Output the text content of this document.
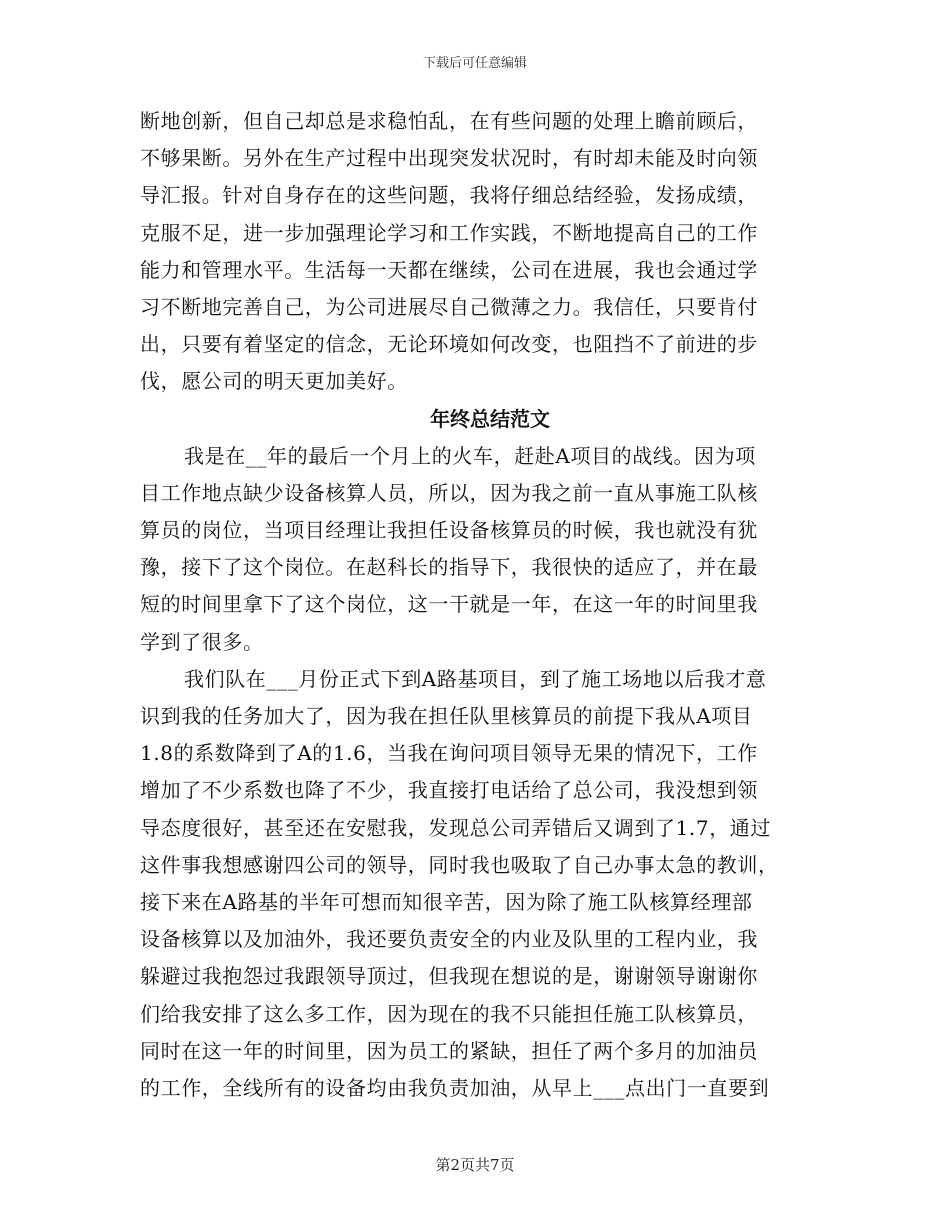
下载后可任意编辑
断地创新，但自己却总是求稳怕乱，在有些问题的处理上瞻前顾后，
不够果断。另外在生产过程中出现突发状况时，有时却未能及时向领
导汇报。针对自身存在的这些问题，我将仔细总结经验，发扬成绩，
克服不足，进一步加强理论学习和工作实践，不断地提高自己的工作
能力和管理水平。生活每一天都在继续，公司在进展，我也会通过学
习不断地完善自己，为公司进展尽自己微薄之力。我信任，只要肯付
出，只要有着坚定的信念，无论环境如何改变，也阻挡不了前进的步
伐，愿公司的明天更加美好。
年终总结范文
我是在__年的最后一个月上的火车，赶赴A项目的战线。因为项
目工作地点缺少设备核算人员，所以，因为我之前一直从事施工队核
算员的岗位，当项目经理让我担任设备核算员的时候，我也就没有犹
豫，接下了这个岗位。在赵科长的指导下，我很快的适应了，并在最
短的时间里拿下了这个岗位，这一干就是一年，在这一年的时间里我
学到了很多。
我们队在___月份正式下到A路基项目，到了施工场地以后我才意
识到我的任务加大了，因为我在担任队里核算员的前提下我从A项目
1.8的系数降到了A的1.6，当我在询问项目领导无果的情况下，工作
增加了不少系数也降了不少，我直接打电话给了总公司，我没想到领
导态度很好，甚至还在安慰我，发现总公司弄错后又调到了1.7，通过
这件事我想感谢四公司的领导，同时我也吸取了自己办事太急的教训，
接下来在A路基的半年可想而知很辛苦，因为除了施工队核算经理部
设备核算以及加油外，我还要负责安全的内业及队里的工程内业，我
躲避过我抱怨过我跟领导顶过，但我现在想说的是，谢谢领导谢谢你
们给我安排了这么多工作，因为现在的我不只能担任施工队核算员，
同时在这一年的时间里，因为员工的紧缺，担任了两个多月的加油员
的工作，全线所有的设备均由我负责加油，从早上___点出门一直要到
第2页共7页
